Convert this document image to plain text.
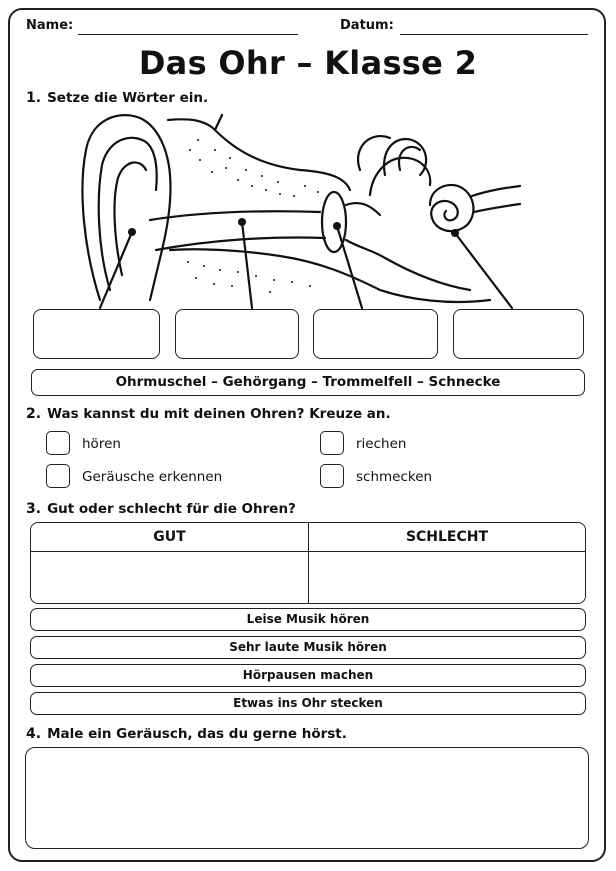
Name:	Datum:
Das Ohr – Klasse 2
1. Setze die Wörter ein.
Ohrmuschel – Gehörgang – Trommelfell – Schnecke
2. Was kannst du mit deinen Ohren? Kreuze an.
hören	riechen
Geräusche erkennen	schmecken
3. Gut oder schlecht für die Ohren?
GUT	SCHLECHT
Leise Musik hören
Sehr laute Musik hören
Hörpausen machen
Etwas ins Ohr stecken
4. Male ein Geräusch, das du gerne hörst.
